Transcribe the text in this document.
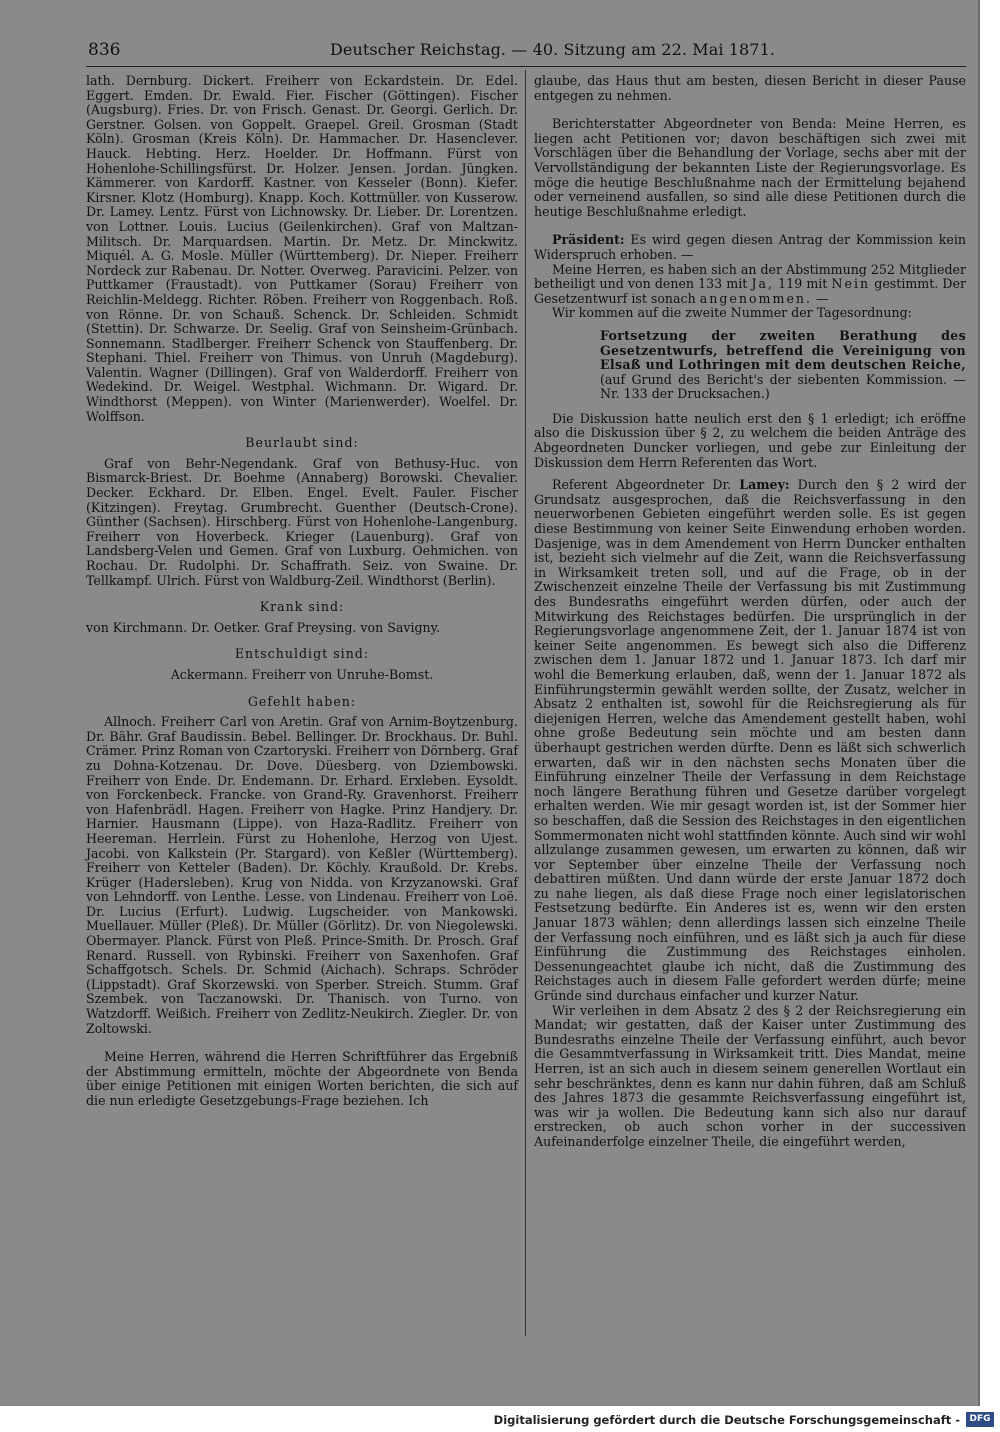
836	Deutscher Reichstag. — 40. Sitzung am 22. Mai 1871.

lath. Dernburg. Dickert. Freiherr von Eckardstein. Dr. Edel. Eggert. Emden. Dr. Ewald. Fier. Fischer (Göttingen). Fischer (Augsburg). Fries. Dr. von Frisch. Genast. Dr. Georgi. Gerlich. Dr. Gerstner. Golsen. von Goppelt. Graepel. Greil. Grosman (Stadt Köln). Grosman (Kreis Köln). Dr. Hammacher. Dr. Hasenclever. Hauck. Hebting. Herz. Hoelder. Dr. Hoffmann. Fürst von Hohenlohe-Schillingsfürst. Dr. Holzer. Jensen. Jordan. Jüngken. Kämmerer. von Kardorff. Kastner. von Kesseler (Bonn). Kiefer. Kirsner. Klotz (Homburg). Knapp. Koch. Kottmüller. von Kusserow. Dr. Lamey. Lentz. Fürst von Lichnowsky. Dr. Lieber. Dr. Lorentzen. von Lottner. Louis. Lucius (Geilenkirchen). Graf von Maltzan-Militsch. Dr. Marquardsen. Martin. Dr. Metz. Dr. Minckwitz. Miquél. A. G. Mosle. Müller (Württemberg). Dr. Nieper. Freiherr Nordeck zur Rabenau. Dr. Notter. Overweg. Paravicini. Pelzer. von Puttkamer (Fraustadt). von Puttkamer (Sorau) Freiherr von Reichlin-Meldegg. Richter. Röben. Freiherr von Roggenbach. Roß. von Rönne. Dr. von Schauß. Schenck. Dr. Schleiden. Schmidt (Stettin). Dr. Schwarze. Dr. Seelig. Graf von Seinsheim-Grünbach. Sonnemann. Stadlberger. Freiherr Schenck von Stauffenberg. Dr. Stephani. Thiel. Freiherr von Thimus. von Unruh (Magdeburg). Valentin. Wagner (Dillingen). Graf von Walderdorff. Freiherr von Wedekind. Dr. Weigel. Westphal. Wichmann. Dr. Wigard. Dr. Windthorst (Meppen). von Winter (Marienwerder). Woelfel. Dr. Wolffson.

Beurlaubt sind:

Graf von Behr-Negendank. Graf von Bethusy-Huc. von Bismarck-Briest. Dr. Boehme (Annaberg) Borowski. Chevalier. Decker. Eckhard. Dr. Elben. Engel. Evelt. Fauler. Fischer (Kitzingen). Freytag. Grumbrecht. Guenther (Deutsch-Crone). Günther (Sachsen). Hirschberg. Fürst von Hohenlohe-Langenburg. Freiherr von Hoverbeck. Krieger (Lauenburg). Graf von Landsberg-Velen und Gemen. Graf von Luxburg. Oehmichen. von Rochau. Dr. Rudolphi. Dr. Schaffrath. Seiz. von Swaine. Dr. Tellkampf. Ulrich. Fürst von Waldburg-Zeil. Windthorst (Berlin).

Krank sind:

von Kirchmann. Dr. Oetker. Graf Preysing. von Savigny.

Entschuldigt sind:

Ackermann. Freiherr von Unruhe-Bomst.

Gefehlt haben:

Allnoch. Freiherr Carl von Aretin. Graf von Arnim-Boytzenburg. Dr. Bähr. Graf Baudissin. Bebel. Bellinger. Dr. Brockhaus. Dr. Buhl. Crämer. Prinz Roman von Czartoryski. Freiherr von Dörnberg. Graf zu Dohna-Kotzenau. Dr. Dove. Düesberg. von Dziembowski. Freiherr von Ende. Dr. Endemann. Dr. Erhard. Erxleben. Eysoldt. von Forckenbeck. Francke. von Grand-Ry. Gravenhorst. Freiherr von Hafenbrädl. Hagen. Freiherr von Hagke. Prinz Handjery. Dr. Harnier. Hausmann (Lippe). von Haza-Radlitz. Freiherr von Heereman. Herrlein. Fürst zu Hohenlohe, Herzog von Ujest. Jacobi. von Kalkstein (Pr. Stargard). von Keßler (Württemberg). Freiherr von Ketteler (Baden). Dr. Köchly. Kraußold. Dr. Krebs. Krüger (Hadersleben). Krug von Nidda. von Krzyzanowski. Graf von Lehndorff. von Lenthe. Lesse. von Lindenau. Freiherr von Loë. Dr. Lucius (Erfurt). Ludwig. Lugscheider. von Mankowski. Muellauer. Müller (Pleß). Dr. Müller (Görlitz). Dr. von Niegolewski. Obermayer. Planck. Fürst von Pleß. Prince-Smith. Dr. Prosch. Graf Renard. Russell. von Rybinski. Freiherr von Saxenhofen. Graf Schaffgotsch. Schels. Dr. Schmid (Aichach). Schraps. Schröder (Lippstadt). Graf Skorzewski. von Sperber. Streich. Stumm. Graf Szembek. von Taczanowski. Dr. Thanisch. von Turno. von Watzdorff. Weißich. Freiherr von Zedlitz-Neukirch. Ziegler. Dr. von Zoltowski.

Meine Herren, während die Herren Schriftführer das Ergebniß der Abstimmung ermitteln, möchte der Abgeordnete von Benda über einige Petitionen mit einigen Worten berichten, die sich auf die nun erledigte Gesetzgebungs-Frage beziehen. Ich

glaube, das Haus thut am besten, diesen Bericht in dieser Pause entgegen zu nehmen.

Berichterstatter Abgeordneter von Benda: Meine Herren, es liegen acht Petitionen vor; davon beschäftigen sich zwei mit Vorschlägen über die Behandlung der Vorlage, sechs aber mit der Vervollständigung der bekannten Liste der Regierungsvorlage. Es möge die heutige Beschlußnahme nach der Ermittelung bejahend oder verneinend ausfallen, so sind alle diese Petitionen durch die heutige Beschlußnahme erledigt.

Präsident: Es wird gegen diesen Antrag der Kommission kein Widerspruch erhoben. —

Meine Herren, es haben sich an der Abstimmung 252 Mitglieder betheiligt und von denen 133 mit Ja, 119 mit Nein gestimmt. Der Gesetzentwurf ist sonach angenommen. —

Wir kommen auf die zweite Nummer der Tagesordnung:

Fortsetzung der zweiten Berathung des Gesetzentwurfs, betreffend die Vereinigung von Elsaß und Lothringen mit dem deutschen Reiche, (auf Grund des Bericht's der siebenten Kommission. — Nr. 133 der Drucksachen.)

Die Diskussion hatte neulich erst den § 1 erledigt; ich eröffne also die Diskussion über § 2, zu welchem die beiden Anträge des Abgeordneten Duncker vorliegen, und gebe zur Einleitung der Diskussion dem Herrn Referenten das Wort.

Referent Abgeordneter Dr. Lamey: Durch den § 2 wird der Grundsatz ausgesprochen, daß die Reichsverfassung in den neuerworbenen Gebieten eingeführt werden solle. Es ist gegen diese Bestimmung von keiner Seite Einwendung erhoben worden. Dasjenige, was in dem Amendement von Herrn Duncker enthalten ist, bezieht sich vielmehr auf die Zeit, wann die Reichsverfassung in Wirksamkeit treten soll, und auf die Frage, ob in der Zwischenzeit einzelne Theile der Verfassung bis mit Zustimmung des Bundesraths eingeführt werden dürfen, oder auch der Mitwirkung des Reichstages bedürfen. Die ursprünglich in der Regierungsvorlage angenommene Zeit, der 1. Januar 1874 ist von keiner Seite angenommen. Es bewegt sich also die Differenz zwischen dem 1. Januar 1872 und 1. Januar 1873. Ich darf mir wohl die Bemerkung erlauben, daß, wenn der 1. Januar 1872 als Einführungstermin gewählt werden sollte, der Zusatz, welcher in Absatz 2 enthalten ist, sowohl für die Reichsregierung als für diejenigen Herren, welche das Amendement gestellt haben, wohl ohne große Bedeutung sein möchte und am besten dann überhaupt gestrichen werden dürfte. Denn es läßt sich schwerlich erwarten, daß wir in den nächsten sechs Monaten über die Einführung einzelner Theile der Verfassung in dem Reichstage noch längere Berathung führen und Gesetze darüber vorgelegt erhalten werden. Wie mir gesagt worden ist, ist der Sommer hier so beschaffen, daß die Session des Reichstages in den eigentlichen Sommermonaten nicht wohl stattfinden könnte. Auch sind wir wohl allzulange zusammen gewesen, um erwarten zu können, daß wir vor September über einzelne Theile der Verfassung noch debattiren müßten. Und dann würde der erste Januar 1872 doch zu nahe liegen, als daß diese Frage noch einer legislatorischen Festsetzung bedürfte. Ein Anderes ist es, wenn wir den ersten Januar 1873 wählen; denn allerdings lassen sich einzelne Theile der Verfassung noch einführen, und es läßt sich ja auch für diese Einführung die Zustimmung des Reichstages einholen. Dessenungeachtet glaube ich nicht, daß die Zustimmung des Reichstages auch in diesem Falle gefordert werden dürfe; meine Gründe sind durchaus einfacher und kurzer Natur.

Wir verleihen in dem Absatz 2 des § 2 der Reichsregierung ein Mandat; wir gestatten, daß der Kaiser unter Zustimmung des Bundesraths einzelne Theile der Verfassung einführt, auch bevor die Gesammtverfassung in Wirksamkeit tritt. Dies Mandat, meine Herren, ist an sich auch in diesem seinem generellen Wortlaut ein sehr beschränktes, denn es kann nur dahin führen, daß am Schluß des Jahres 1873 die gesammte Reichsverfassung eingeführt ist, was wir ja wollen. Die Bedeutung kann sich also nur darauf erstrecken, ob auch schon vorher in der successiven Aufeinanderfolge einzelner Theile, die eingeführt werden,

Digitalisierung gefördert durch die Deutsche Forschungsgemeinschaft -	DFG
